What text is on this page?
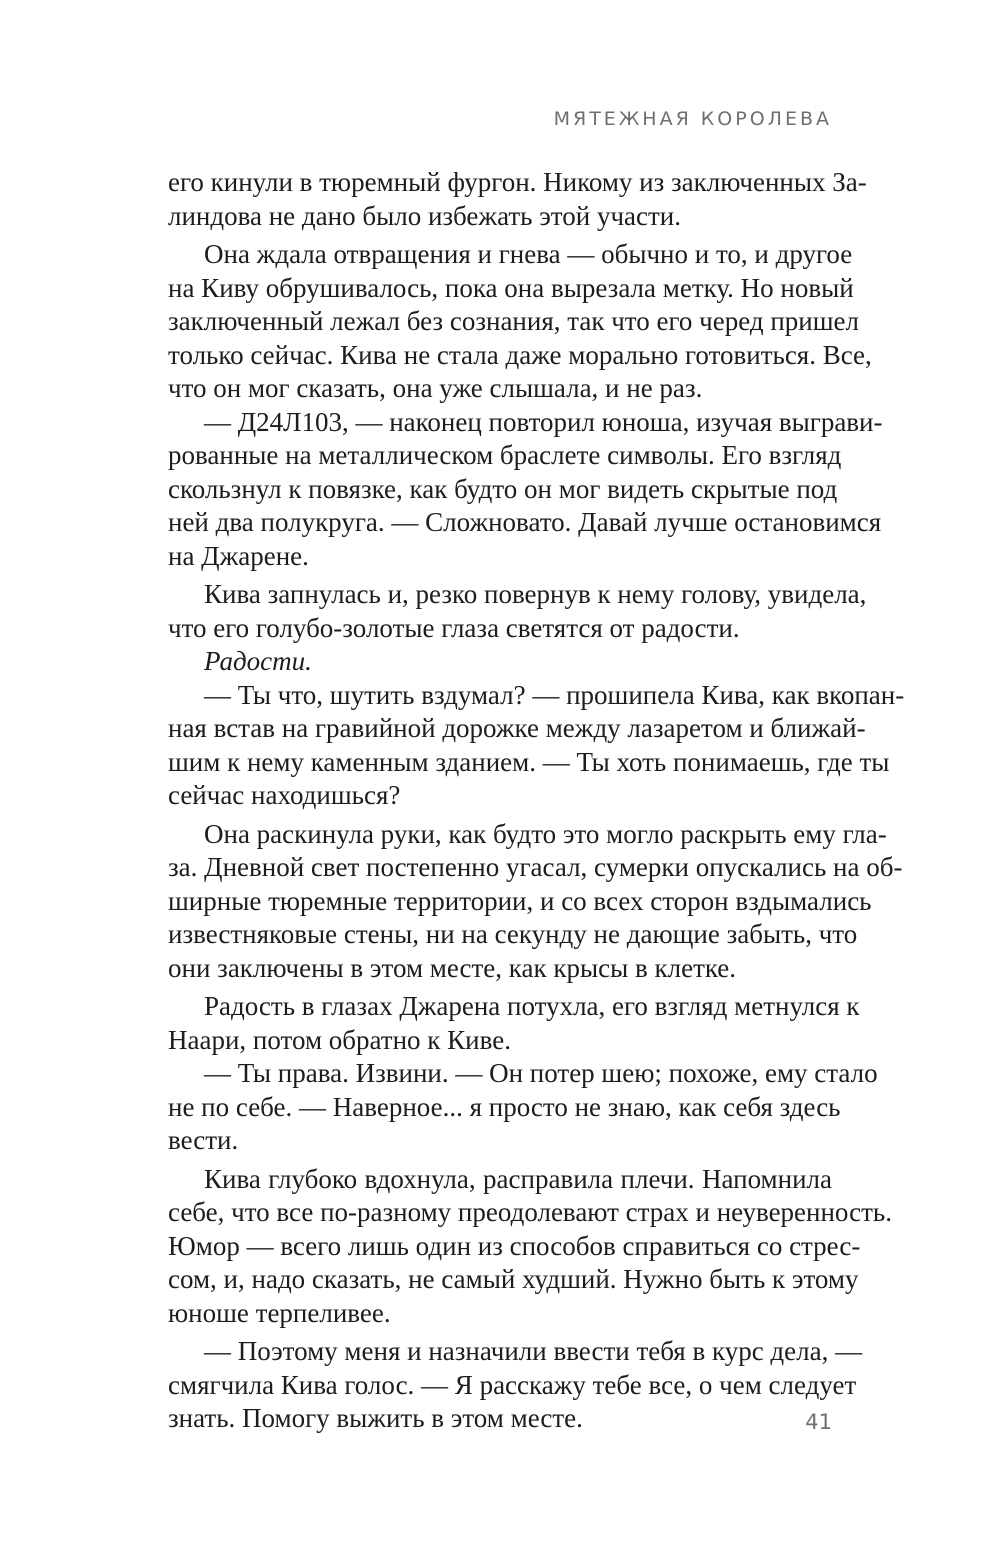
МЯТЕЖНАЯ КОРОЛЕВА
его кинули в тюремный фургон. Никому из заключенных За-
линдова не дано было избежать этой участи.
Она ждала отвращения и гнева — обычно и то, и другое
на Киву обрушивалось, пока она вырезала метку. Но новый
заключенный лежал без сознания, так что его черед пришел
только сейчас. Кива не стала даже морально готовиться. Все,
что он мог сказать, она уже слышала, и не раз.
— Д24Л103, — наконец повторил юноша, изучая выграви-
рованные на металлическом браслете символы. Его взгляд
скользнул к повязке, как будто он мог видеть скрытые под
ней два полукруга. — Сложновато. Давай лучше остановимся
на Джарене.
Кива запнулась и, резко повернув к нему голову, увидела,
что его голубо-золотые глаза светятся от радости.
Радости.
— Ты что, шутить вздумал? — прошипела Кива, как вкопан-
ная встав на гравийной дорожке между лазаретом и ближай-
шим к нему каменным зданием. — Ты хоть понимаешь, где ты
сейчас находишься?
Она раскинула руки, как будто это могло раскрыть ему гла-
за. Дневной свет постепенно угасал, сумерки опускались на об-
ширные тюремные территории, и со всех сторон вздымались
известняковые стены, ни на секунду не дающие забыть, что
они заключены в этом месте, как крысы в клетке.
Радость в глазах Джарена потухла, его взгляд метнулся к
Наари, потом обратно к Киве.
— Ты права. Извини. — Он потер шею; похоже, ему стало
не по себе. — Наверное... я просто не знаю, как себя здесь
вести.
Кива глубоко вдохнула, расправила плечи. Напомнила
себе, что все по-разному преодолевают страх и неуверенность.
Юмор — всего лишь один из способов справиться со стрес-
сом, и, надо сказать, не самый худший. Нужно быть к этому
юноше терпеливее.
— Поэтому меня и назначили ввести тебя в курс дела, —
смягчила Кива голос. — Я расскажу тебе все, о чем следует
знать. Помогу выжить в этом месте.	41
